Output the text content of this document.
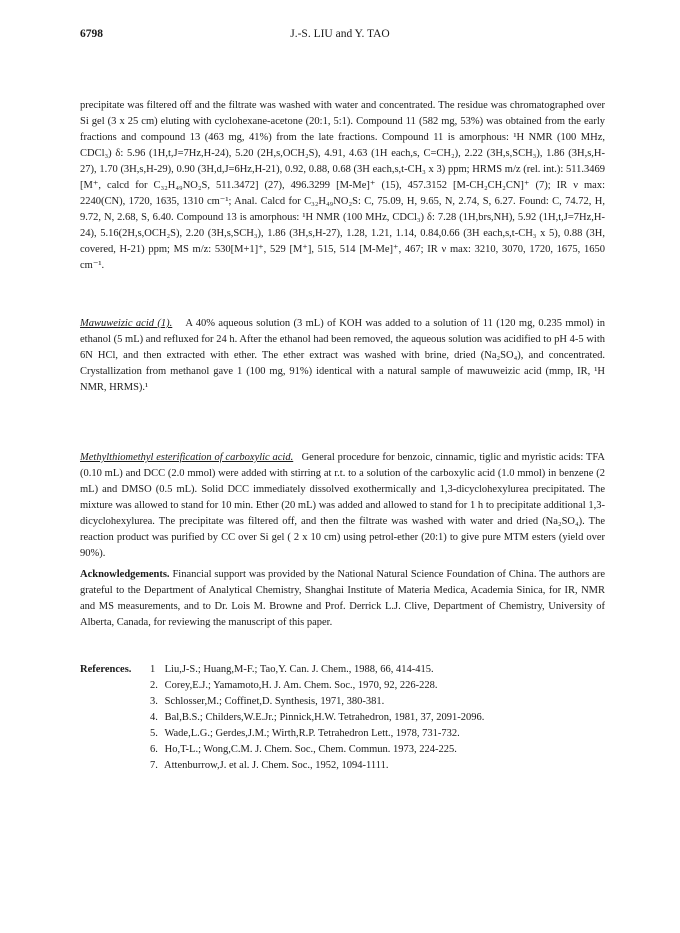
6798	J.-S. LIU and Y. TAO

precipitate was filtered off and the filtrate was washed with water and concentrated. The residue was chromatographed over Si gel (3 x 25 cm) eluting with cyclohexane-acetone (20:1, 5:1). Compound 11 (582 mg, 53%) was obtained from the early fractions and compound 13 (463 mg, 41%) from the late fractions. Compound 11 is amorphous: ¹H NMR (100 MHz, CDCl₃) δ: 5.96 (1H,t,J=7Hz,H-24), 5.20 (2H,s,OCH₂S), 4.91, 4.63 (1H each,s, C=CH₂), 2.22 (3H,s,SCH₃), 1.86 (3H,s,H-27), 1.70 (3H,s,H-29), 0.90 (3H,d,J=6Hz,H-21), 0.92, 0.88, 0.68 (3H each,s,t-CH₃ x 3) ppm; HRMS m/z (rel. int.): 511.3469 [M⁺, calcd for C₃₂H₄₉NO₂S, 511.3472] (27), 496.3299 [M-Me]⁺ (15), 457.3152 [M-CH₂CH₂CN]⁺ (7); IR ν max: 2240(CN), 1720, 1635, 1310 cm⁻¹; Anal. Calcd for C₃₂H₄₉NO₂S: C, 75.09, H, 9.65, N, 2.74, S, 6.27. Found: C, 74.72, H, 9.72, N, 2.68, S, 6.40. Compound 13 is amorphous: ¹H NMR (100 MHz, CDCl₃) δ: 7.28 (1H,brs,NH), 5.92 (1H,t,J=7Hz,H-24), 5.16(2H,s,OCH₂S), 2.20 (3H,s,SCH₃), 1.86 (3H,s,H-27), 1.28, 1.21, 1.14, 0.84,0.66 (3H each,s,t-CH₃ x 5), 0.88 (3H, covered, H-21) ppm; MS m/z: 530[M+1]⁺, 529 [M⁺], 515, 514 [M-Me]⁺, 467; IR ν max: 3210, 3070, 1720, 1675, 1650 cm⁻¹.

Mawuweizic acid (1). A 40% aqueous solution (3 mL) of KOH was added to a solution of 11 (120 mg, 0.235 mmol) in ethanol (5 mL) and refluxed for 24 h. After the ethanol had been removed, the aqueous solution was acidified to pH 4-5 with 6N HCl, and then extracted with ether. The ether extract was washed with brine, dried (Na₂SO₄), and concentrated. Crystallization from methanol gave 1 (100 mg, 91%) identical with a natural sample of mawuweizic acid (mmp, IR, ¹H NMR, HRMS).¹

Methylthiomethyl esterification of carboxylic acid. General procedure for benzoic, cinnamic, tiglic and myristic acids: TFA (0.10 mL) and DCC (2.0 mmol) were added with stirring at r.t. to a solution of the carboxylic acid (1.0 mmol) in benzene (2 mL) and DMSO (0.5 mL). Solid DCC immediately dissolved exothermically and 1,3-dicyclohexylurea precipitated. The mixture was allowed to stand for 10 min. Ether (20 mL) was added and allowed to stand for 1 h to precipitate additional 1,3-dicyclohexylurea. The precipitate was filtered off, and then the filtrate was washed with water and dried (Na₂SO₄). The reaction product was purified by CC over Si gel ( 2 x 10 cm) using petrol-ether (20:1) to give pure MTM esters (yield over 90%).

Acknowledgements. Financial support was provided by the National Natural Science Foundation of China. The authors are grateful to the Department of Analytical Chemistry, Shanghai Institute of Materia Medica, Academia Sinica, for IR, NMR and MS measurements, and to Dr. Lois M. Browne and Prof. Derrick L.J. Clive, Department of Chemistry, University of Alberta, Canada, for reviewing the manuscript of this paper.

References. 1 Liu,J-S.; Huang,M-F.; Tao,Y. Can. J. Chem., 1988, 66, 414-415.
2. Corey,E.J.; Yamamoto,H. J. Am. Chem. Soc., 1970, 92, 226-228.
3. Schlosser,M.; Coffinet,D. Synthesis, 1971, 380-381.
4. Bal,B.S.; Childers,W.E.Jr.; Pinnick,H.W. Tetrahedron, 1981, 37, 2091-2096.
5. Wade,L.G.; Gerdes,J.M.; Wirth,R.P. Tetrahedron Lett., 1978, 731-732.
6. Ho,T-L.; Wong,C.M. J. Chem. Soc., Chem. Commun. 1973, 224-225.
7. Attenburrow,J. et al. J. Chem. Soc., 1952, 1094-1111.
